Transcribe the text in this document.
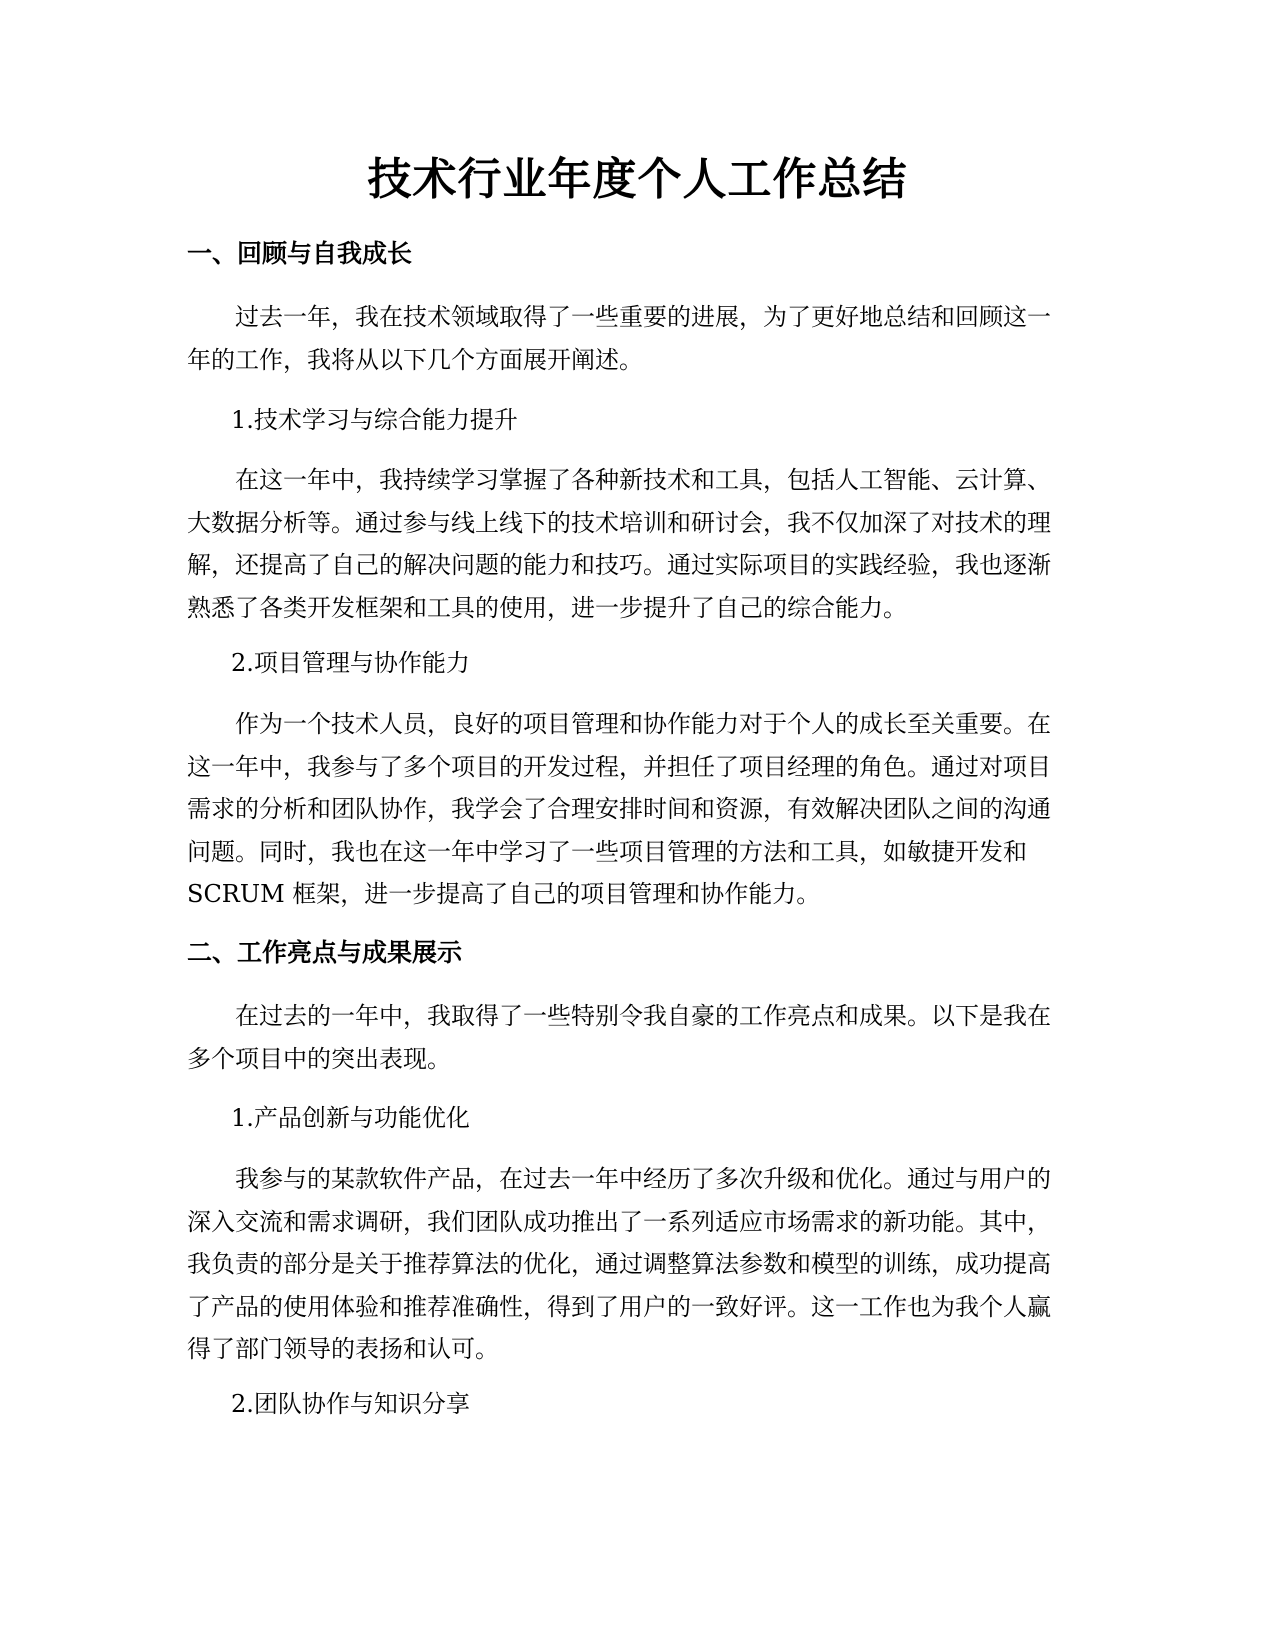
技术行业年度个人工作总结
一、回顾与自我成长

　　过去一年，我在技术领域取得了一些重要的进展，为了更好地总结和回顾这一
年的工作，我将从以下几个方面展开阐述。

1.技术学习与综合能力提升

　　在这一年中，我持续学习掌握了各种新技术和工具，包括人工智能、云计算、
大数据分析等。通过参与线上线下的技术培训和研讨会，我不仅加深了对技术的理
解，还提高了自己的解决问题的能力和技巧。通过实际项目的实践经验，我也逐渐
熟悉了各类开发框架和工具的使用，进一步提升了自己的综合能力。

2.项目管理与协作能力

　　作为一个技术人员，良好的项目管理和协作能力对于个人的成长至关重要。在
这一年中，我参与了多个项目的开发过程，并担任了项目经理的角色。通过对项目
需求的分析和团队协作，我学会了合理安排时间和资源，有效解决团队之间的沟通
问题。同时，我也在这一年中学习了一些项目管理的方法和工具，如敏捷开发和
SCRUM 框架，进一步提高了自己的项目管理和协作能力。

二、工作亮点与成果展示

　　在过去的一年中，我取得了一些特别令我自豪的工作亮点和成果。以下是我在
多个项目中的突出表现。

1.产品创新与功能优化

　　我参与的某款软件产品，在过去一年中经历了多次升级和优化。通过与用户的
深入交流和需求调研，我们团队成功推出了一系列适应市场需求的新功能。其中，
我负责的部分是关于推荐算法的优化，通过调整算法参数和模型的训练，成功提高
了产品的使用体验和推荐准确性，得到了用户的一致好评。这一工作也为我个人赢
得了部门领导的表扬和认可。

2.团队协作与知识分享
